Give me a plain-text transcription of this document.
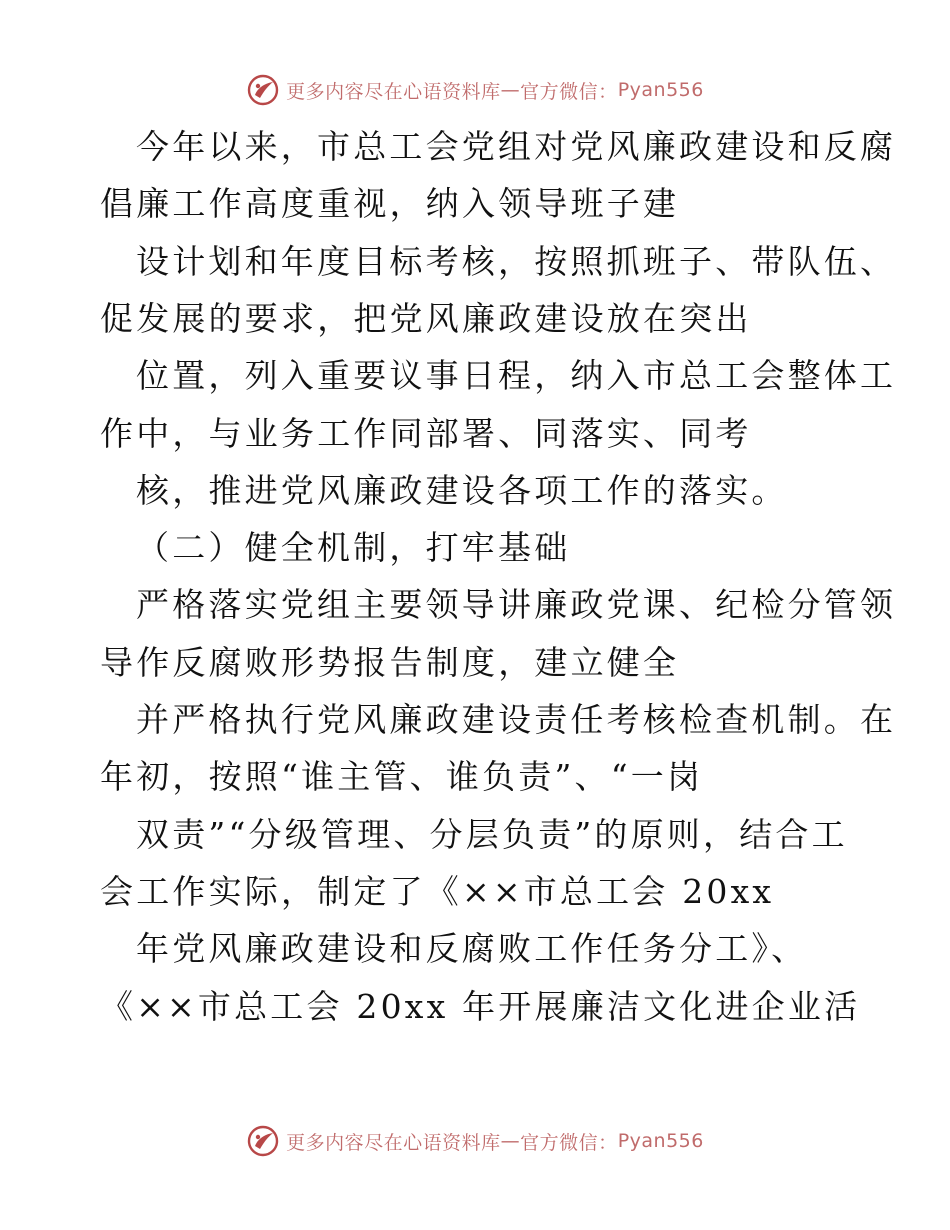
更多内容尽在心语资料库 — 官方微信： Pyan556
今年以来，市总工会党组对党风廉政建设和反腐
倡廉工作高度重视，纳入领导班子建
设计划和年度目标考核，按照抓班子、带队伍、
促发展的要求，把党风廉政建设放在突出
位置，列入重要议事日程，纳入市总工会整体工
作中，与业务工作同部署、同落实、同考
核，推进党风廉政建设各项工作的落实。
（二）健全机制，打牢基础
严格落实党组主要领导讲廉政党课、纪检分管领
导作反腐败形势报告制度，建立健全
并严格执行党风廉政建设责任考核检查机制。在
年初，按照“谁主管、谁负责”、“一岗
双责”“分级管理、分层负责”的原则，结合工
会工作实际，制定了《××市总工会 20xx
年党风廉政建设和反腐败工作任务分工》、
《××市总工会 20xx 年开展廉洁文化进企业活
更多内容尽在心语资料库 — 官方微信： Pyan556
